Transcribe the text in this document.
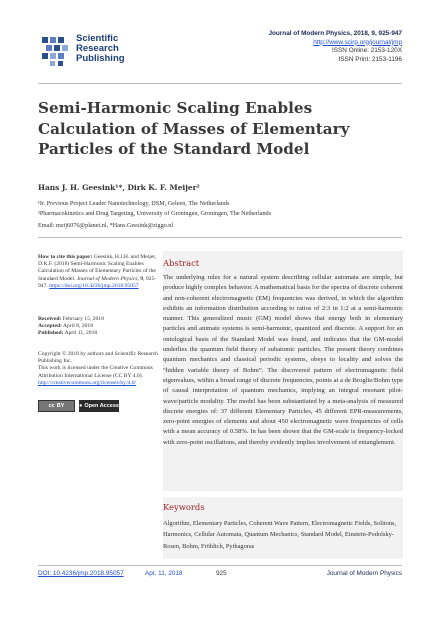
Scientific
Research
Publishing
Journal of Modern Physics, 2018, 9, 925-947
http://www.scirp.org/journal/jmp
ISSN Online: 2153-120X
ISSN Print: 2153-1196
Semi-Harmonic Scaling Enables Calculation of Masses of Elementary Particles of the Standard Model
Hans J. H. Geesink¹*, Dirk K. F. Meijer²
¹Ir. Previous Project Leader Nanotechnology, DSM, Geleen, The Netherlands
²Pharmacokinetics and Drug Targeting, University of Groningen, Groningen, The Netherlands
Email: meij6076@planet.nl, *Hans.Geesink@ziggo.nl
How to cite this paper: Geesink, H.J.H. and Meijer, D.K.F. (2018) Semi-Harmonic Scaling Enables Calculation of Masses of Elementary Particles of the Standard Model. Journal of Modern Physics, 9, 925-947. https://doi.org/10.4236/jmp.2018.95057
Received: February 15, 2018
Accepted: April 8, 2018
Published: April 11, 2018
Copyright © 2018 by authors and Scientific Research Publishing Inc.
This work is licensed under the Creative Commons Attribution International License (CC BY 4.0).
http://creativecommons.org/licenses/by/4.0/
cc BY	● Open Access
Abstract
The underlying rules for a natural system describing cellular automata are simple, but produce highly complex behavior. A mathematical basis for the spectra of discrete coherent and non-coherent electromagnetic (EM) frequencies was derived, in which the algorithm exhibits an information distribution according to ratios of 2:3 in 1:2 at a semi-harmonic manner. This generalized music (GM) model shows that energy both in elementary particles and animate systems is semi-harmonic, quantized and discrete. A support for an ontological basis of the Standard Model was found, and indicates that the GM-model underlies the quantum field theory of subatomic particles. The present theory combines quantum mechanics and classical periodic systems, obeys to locality and solves the “hidden variable theory of Bohm”. The discovered pattern of electromagnetic field eigenvalues, within a broad range of discrete frequencies, points at a de Broglie/Bohm type of causal interpretation of quantum mechanics, implying an integral resonant pilot-wave/particle modality. The model has been substantiated by a meta-analysis of measured discrete energies of: 37 different Elementary Particles, 45 different EPR-measurements, zero-point energies of elements and about 450 electromagnetic wave frequencies of cells with a mean accuracy of 0.58%. In has been shown that the GM-scale is frequency-locked with zero-point oscillations, and thereby evidently implies involvement of entanglement.
Keywords
Algorithm, Elementary Particles, Coherent Wave Pattern, Electromagnetic Fields, Solitons, Harmonics, Cellular Automata, Quantum Mechanics, Standard Model, Einstein-Podolsky-Rosen, Bohm, Fröhlich, Pythagoras
DOI: 10.4236/jmp.2018.95057	Apr. 11, 2018	925	Journal of Modern Physics
